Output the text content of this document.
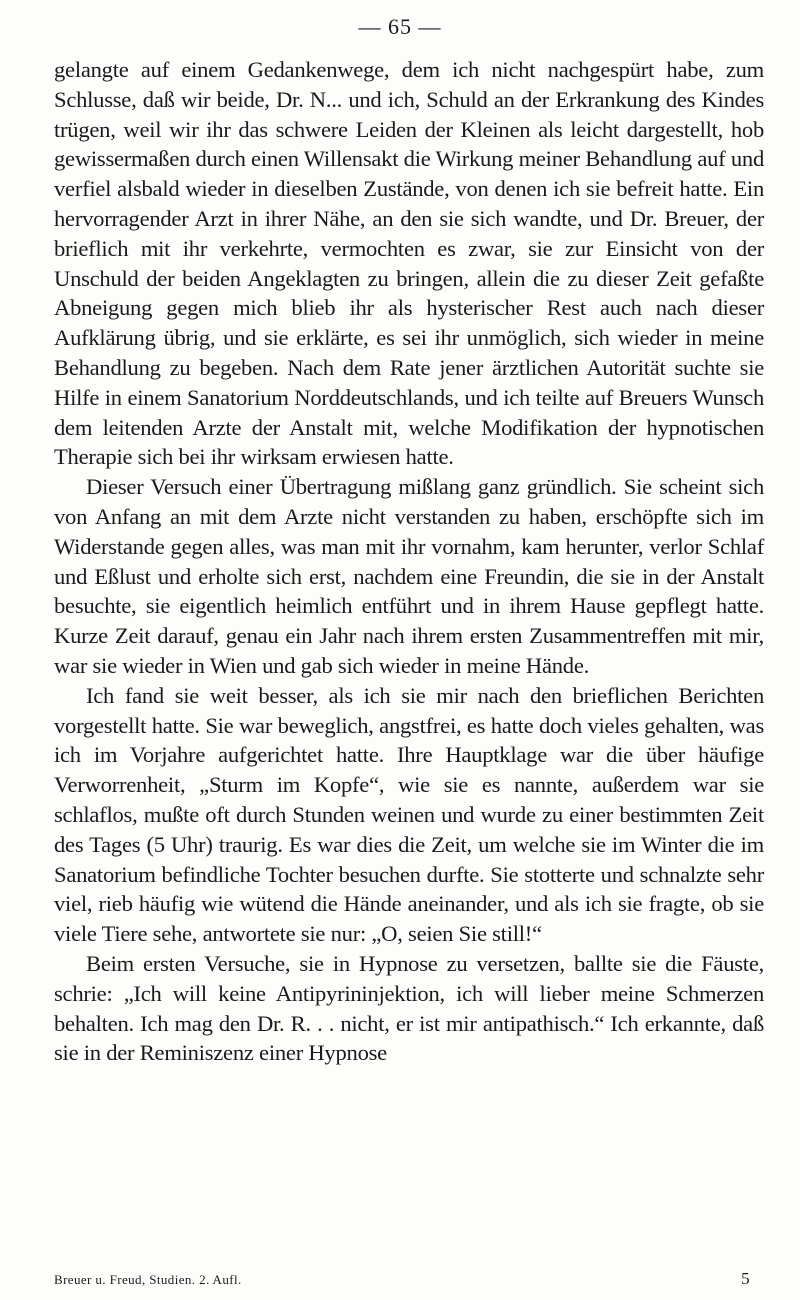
— 65 —

gelangte auf einem Gedankenwege, dem ich nicht nachgespürt habe, zum Schlusse, daß wir beide, Dr. N... und ich, Schuld an der Erkrankung des Kindes trügen, weil wir ihr das schwere Leiden der Kleinen als leicht dargestellt, hob gewissermaßen durch einen Willensakt die Wirkung meiner Behandlung auf und verfiel alsbald wieder in dieselben Zustände, von denen ich sie befreit hatte. Ein hervorragender Arzt in ihrer Nähe, an den sie sich wandte, und Dr. Breuer, der brieflich mit ihr verkehrte, vermochten es zwar, sie zur Einsicht von der Unschuld der beiden Angeklagten zu bringen, allein die zu dieser Zeit gefaßte Abneigung gegen mich blieb ihr als hysterischer Rest auch nach dieser Aufklärung übrig, und sie erklärte, es sei ihr unmöglich, sich wieder in meine Behandlung zu begeben. Nach dem Rate jener ärztlichen Autorität suchte sie Hilfe in einem Sanatorium Norddeutschlands, und ich teilte auf Breuers Wunsch dem leitenden Arzte der Anstalt mit, welche Modifikation der hypnotischen Therapie sich bei ihr wirksam erwiesen hatte.

Dieser Versuch einer Übertragung mißlang ganz gründlich. Sie scheint sich von Anfang an mit dem Arzte nicht verstanden zu haben, erschöpfte sich im Widerstande gegen alles, was man mit ihr vornahm, kam herunter, verlor Schlaf und Eßlust und erholte sich erst, nachdem eine Freundin, die sie in der Anstalt besuchte, sie eigentlich heimlich entführt und in ihrem Hause gepflegt hatte. Kurze Zeit darauf, genau ein Jahr nach ihrem ersten Zusammentreffen mit mir, war sie wieder in Wien und gab sich wieder in meine Hände.

Ich fand sie weit besser, als ich sie mir nach den brieflichen Berichten vorgestellt hatte. Sie war beweglich, angstfrei, es hatte doch vieles gehalten, was ich im Vorjahre aufgerichtet hatte. Ihre Hauptklage war die über häufige Verworrenheit, „Sturm im Kopfe“, wie sie es nannte, außerdem war sie schlaflos, mußte oft durch Stunden weinen und wurde zu einer bestimmten Zeit des Tages (5 Uhr) traurig. Es war dies die Zeit, um welche sie im Winter die im Sanatorium befindliche Tochter besuchen durfte. Sie stotterte und schnalzte sehr viel, rieb häufig wie wütend die Hände aneinander, und als ich sie fragte, ob sie viele Tiere sehe, antwortete sie nur: „O, seien Sie still!“

Beim ersten Versuche, sie in Hypnose zu versetzen, ballte sie die Fäuste, schrie: „Ich will keine Antipyrininjektion, ich will lieber meine Schmerzen behalten. Ich mag den Dr. R. . . nicht, er ist mir antipathisch.“ Ich erkannte, daß sie in der Reminiszenz einer Hypnose

Breuer u. Freud, Studien. 2. Aufl.	5
